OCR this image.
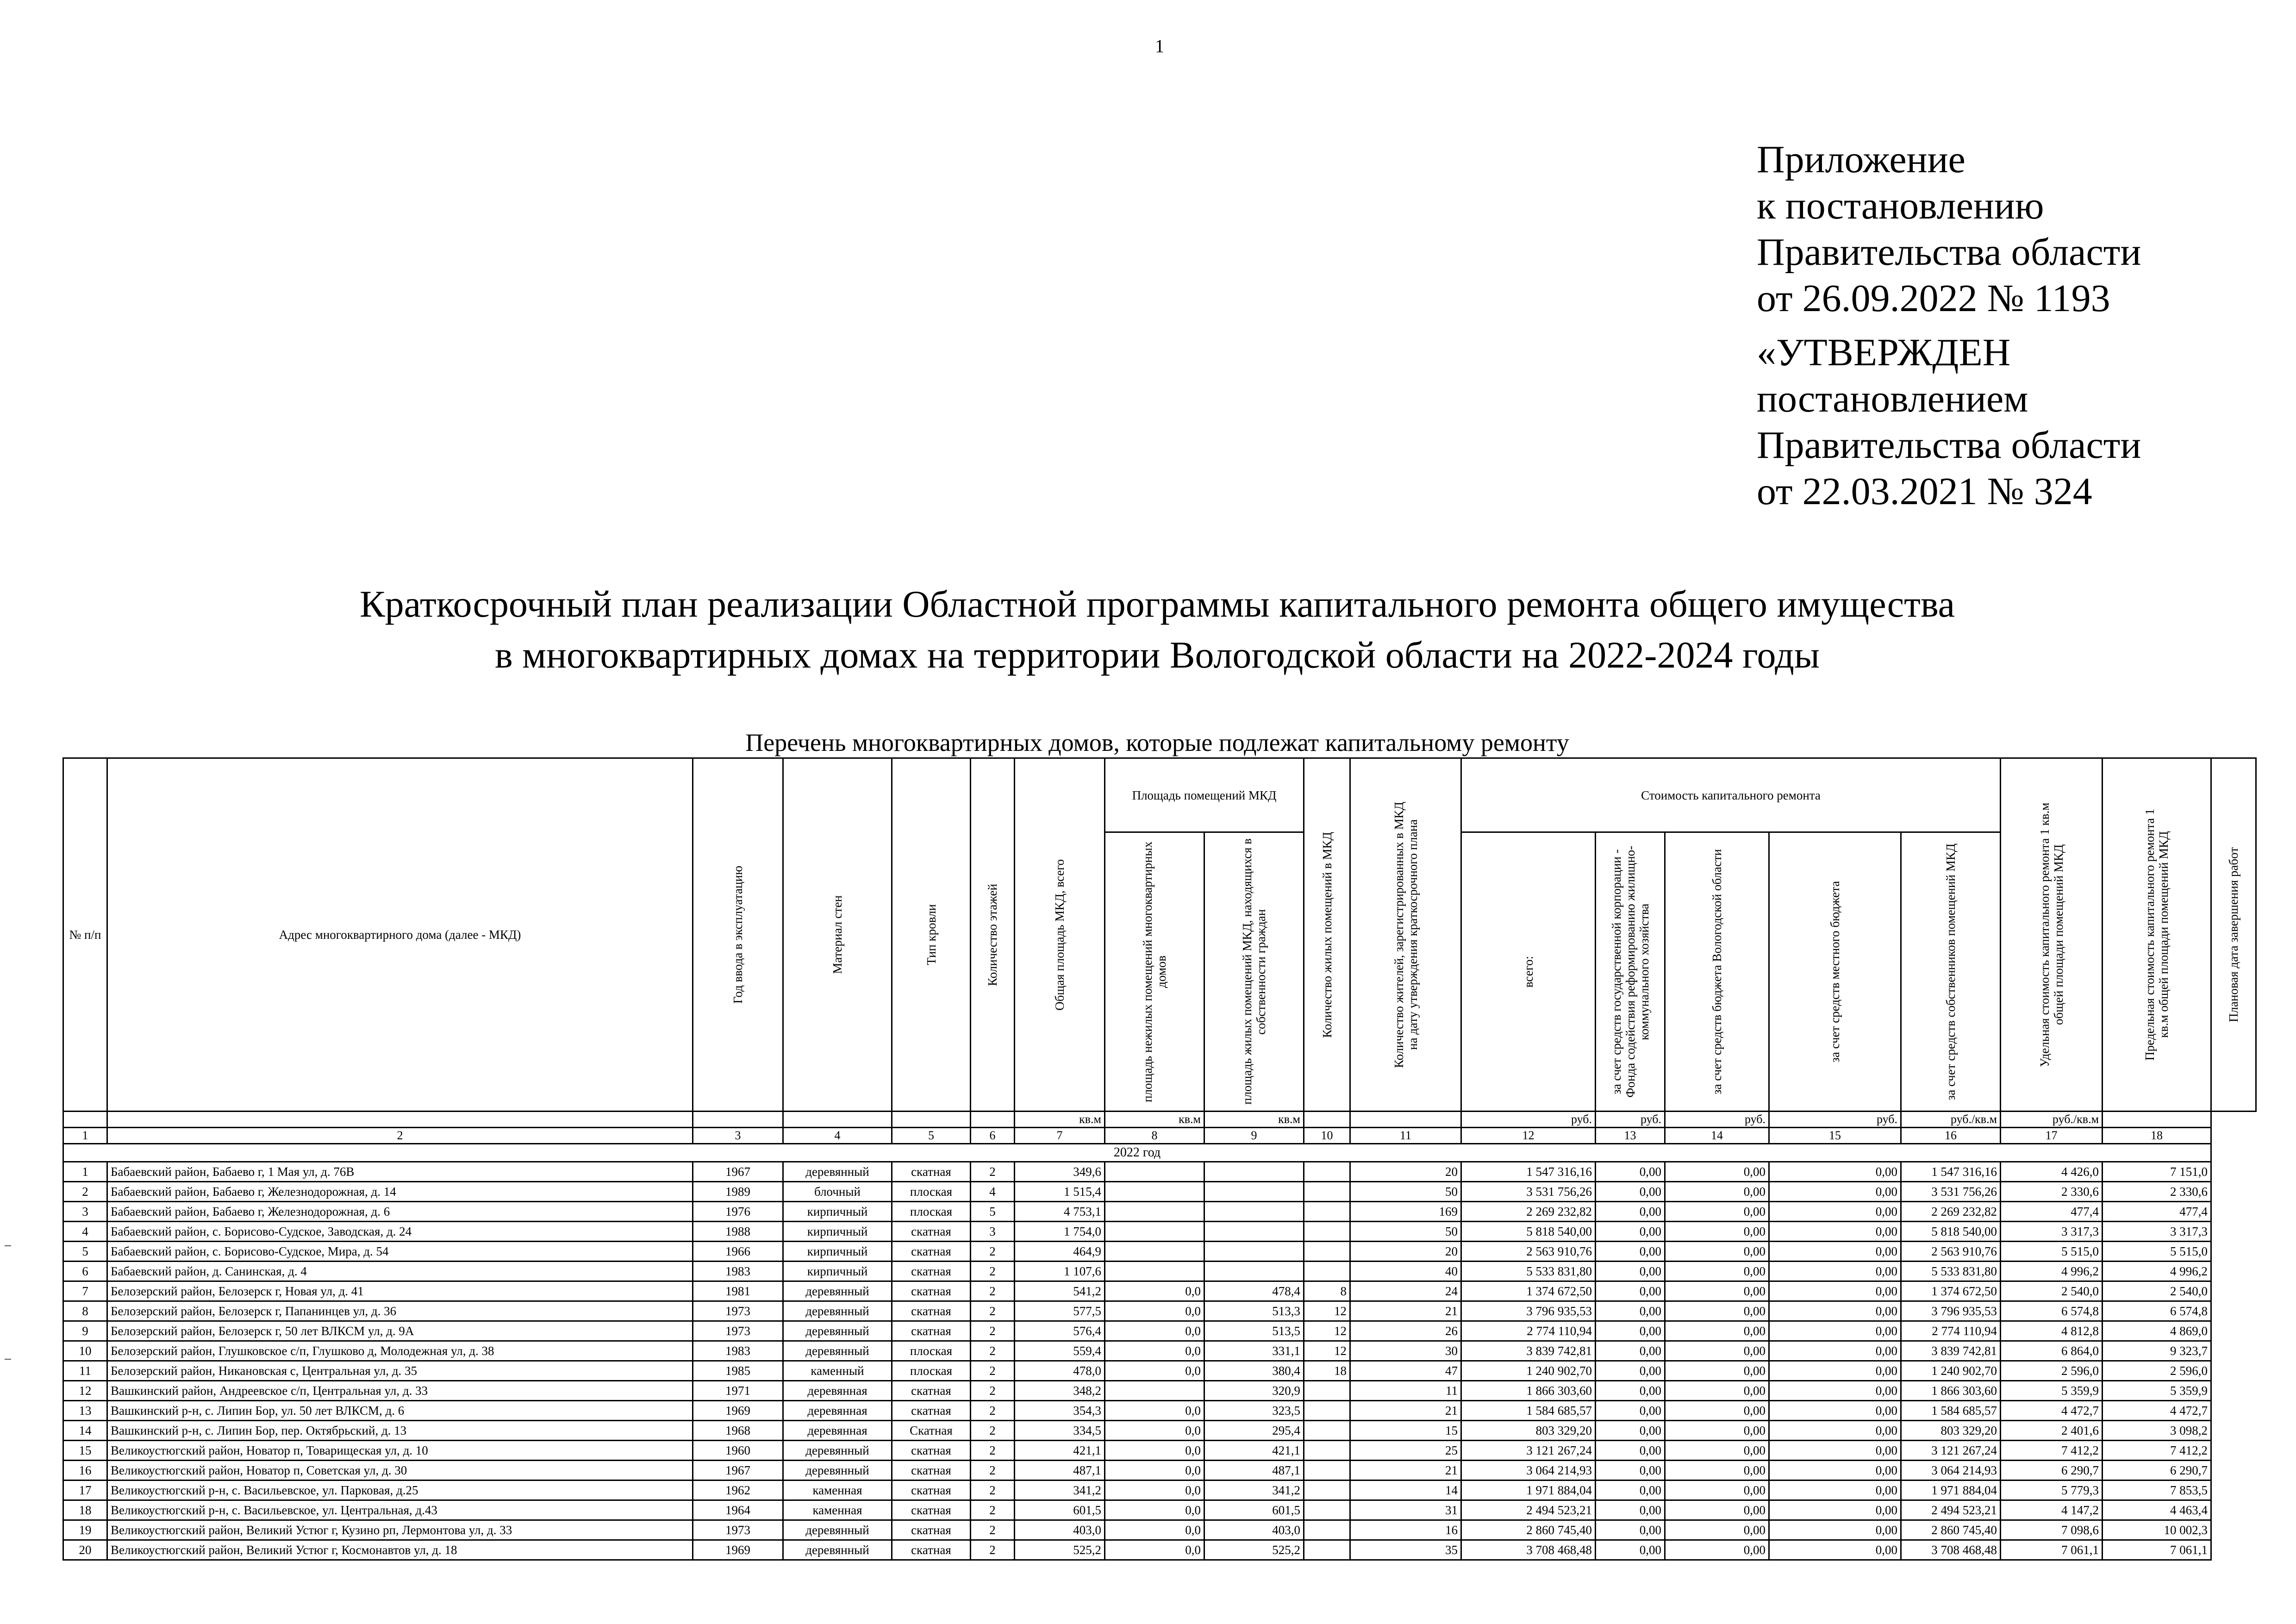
1
Приложение
к постановлению
Правительства области
от 26.09.2022 № 1193
«УТВЕРЖДЕН
постановлением
Правительства области
от 22.03.2021 № 324
Краткосрочный план реализации Областной программы капитального ремонта общего имущества
в многоквартирных домах на территории Вологодской области на 2022-2024 годы
Перечень многоквартирных домов, которые подлежат капитальному ремонту
№ п/п	Адрес многоквартирного дома (далее - МКД)	Год ввода в эксплуатацию	Материал стен	Тип кровли	Количество этажей	Общая площадь МКД, всего	Площадь помещений МКД		Количество жилых помещений в МКД	Количество жителей, зарегистрированных в МКД на дату утверждения краткосрочного плана	Стоимость капитального ремонта					Удельная стоимость капитального ремонта 1 кв.м общей площади помещений МКД	Предельная стоимость капитального ремонта 1 кв.м общей площади помещений МКД	Плановая дата завершения работ

							площадь нежилых помещений многоквартирных домов	площадь жилых помещений МКД, находящихся в собственности граждан			всего:	за счет средств государственной корпорации - Фонда содействия реформированию жилищно-коммунального хозяйства	за счет средств бюджета Вологодской области	за счет средств местного бюджета	за счет средств собственников помещений МКД			

						кв.м	кв.м	кв.м			руб.	руб.	руб.	руб.	руб./кв.м	руб./кв.м		
1	2	3	4	5	6	7	8	9	10	11	12	13	14	15	16	17	18	
2022 год																		
1	Бабаевский район, Бабаево г, 1 Мая ул, д. 76В	1967	деревянный	скатная	2	349,6				20	1 547 316,16	0,00	0,00	0,00	1 547 316,16	4 426,0	7 151,0	
2	Бабаевский район, Бабаево г, Железнодорожная, д. 14	1989	блочный	плоская	4	1 515,4				50	3 531 756,26	0,00	0,00	0,00	3 531 756,26	2 330,6	2 330,6	
3	Бабаевский район, Бабаево г, Железнодорожная, д. 6	1976	кирпичный	плоская	5	4 753,1				169	2 269 232,82	0,00	0,00	0,00	2 269 232,82	477,4	477,4	
4	Бабаевский район, с. Борисово-Судское, Заводская, д. 24	1988	кирпичный	скатная	3	1 754,0				50	5 818 540,00	0,00	0,00	0,00	5 818 540,00	3 317,3	3 317,3	
5	Бабаевский район, с. Борисово-Судское, Мира, д. 54	1966	кирпичный	скатная	2	464,9				20	2 563 910,76	0,00	0,00	0,00	2 563 910,76	5 515,0	5 515,0	
6	Бабаевский район, д. Санинская, д. 4	1983	кирпичный	скатная	2	1 107,6				40	5 533 831,80	0,00	0,00	0,00	5 533 831,80	4 996,2	4 996,2	
7	Белозерский район, Белозерск г, Новая ул, д. 41	1981	деревянный	скатная	2	541,2	0,0	478,4	8	24	1 374 672,50	0,00	0,00	0,00	1 374 672,50	2 540,0	2 540,0	
8	Белозерский район, Белозерск г, Папанинцев ул, д. 36	1973	деревянный	скатная	2	577,5	0,0	513,3	12	21	3 796 935,53	0,00	0,00	0,00	3 796 935,53	6 574,8	6 574,8	
9	Белозерский район, Белозерск г, 50 лет ВЛКСМ ул, д. 9А	1973	деревянный	скатная	2	576,4	0,0	513,5	12	26	2 774 110,94	0,00	0,00	0,00	2 774 110,94	4 812,8	4 869,0	
10	Белозерский район, Глушковское с/п, Глушково д, Молодежная ул, д. 38	1983	деревянный	плоская	2	559,4	0,0	331,1	12	30	3 839 742,81	0,00	0,00	0,00	3 839 742,81	6 864,0	9 323,7	
11	Белозерский район, Никановская с, Центральная ул, д. 35	1985	каменный	плоская	2	478,0	0,0	380,4	18	47	1 240 902,70	0,00	0,00	0,00	1 240 902,70	2 596,0	2 596,0	
12	Вашкинский район, Андреевское с/п, Центральная ул, д. 33	1971	деревянная	скатная	2	348,2		320,9		11	1 866 303,60	0,00	0,00	0,00	1 866 303,60	5 359,9	5 359,9	
13	Вашкинский р-н, с. Липин Бор, ул. 50 лет ВЛКСМ, д. 6	1969	деревянная	скатная	2	354,3	0,0	323,5		21	1 584 685,57	0,00	0,00	0,00	1 584 685,57	4 472,7	4 472,7	
14	Вашкинский р-н, с. Липин Бор, пер. Октябрьский, д. 13	1968	деревянная	Скатная	2	334,5	0,0	295,4		15	803 329,20	0,00	0,00	0,00	803 329,20	2 401,6	3 098,2	
15	Великоустюгский район, Новатор п, Товарищеская ул, д. 10	1960	деревянный	скатная	2	421,1	0,0	421,1		25	3 121 267,24	0,00	0,00	0,00	3 121 267,24	7 412,2	7 412,2	
16	Великоустюгский район, Новатор п, Советская ул, д. 30	1967	деревянный	скатная	2	487,1	0,0	487,1		21	3 064 214,93	0,00	0,00	0,00	3 064 214,93	6 290,7	6 290,7	
17	Великоустюгский р-н, с. Васильевское, ул. Парковая, д.25	1962	каменная	скатная	2	341,2	0,0	341,2		14	1 971 884,04	0,00	0,00	0,00	1 971 884,04	5 779,3	7 853,5	
18	Великоустюгский р-н, с. Васильевское, ул. Центральная, д.43	1964	каменная	скатная	2	601,5	0,0	601,5		31	2 494 523,21	0,00	0,00	0,00	2 494 523,21	4 147,2	4 463,4	
19	Великоустюгский район, Великий Устюг г, Кузино рп, Лермонтова ул, д. 33	1973	деревянный	скатная	2	403,0	0,0	403,0		16	2 860 745,40	0,00	0,00	0,00	2 860 745,40	7 098,6	10 002,3	
20	Великоустюгский район, Великий Устюг г, Космонавтов ул, д. 18	1969	деревянный	скатная	2	525,2	0,0	525,2		35	3 708 468,48	0,00	0,00	0,00	3 708 468,48	7 061,1	7 061,1	
